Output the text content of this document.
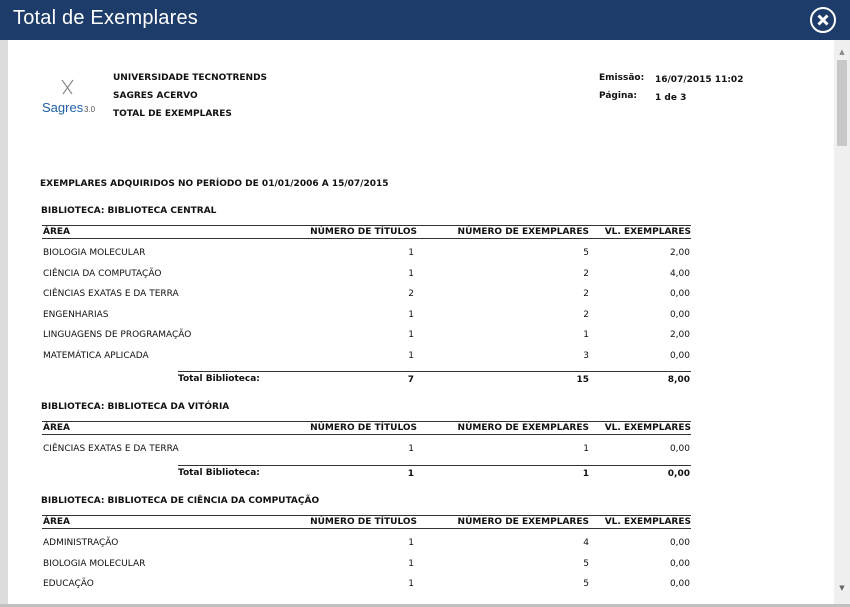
Total de Exemplares
Sagres 3.0
UNIVERSIDADE TECNOTRENDS
SAGRES ACERVO
TOTAL DE EXEMPLARES
Emissão: 16/07/2015 11:02
Página: 1 de 3
EXEMPLARES ADQUIRIDOS NO PERÍODO DE 01/01/2006 A 15/07/2015
BIBLIOTECA: BIBLIOTECA CENTRAL
ÁREA	NÚMERO DE TÍTULOS	NÚMERO DE EXEMPLARES	VL. EXEMPLARES
BIOLOGIA MOLECULAR	1	5	2,00
CIÊNCIA DA COMPUTAÇÃO	1	2	4,00
CIÊNCIAS EXATAS E DA TERRA	2	2	0,00
ENGENHARIAS	1	2	0,00
LINGUAGENS DE PROGRAMAÇÃO	1	1	2,00
MATEMÁTICA APLICADA	1	3	0,00
Total Biblioteca:	7	15	8,00
BIBLIOTECA: BIBLIOTECA DA VITÓRIA
ÁREA	NÚMERO DE TÍTULOS	NÚMERO DE EXEMPLARES	VL. EXEMPLARES
CIÊNCIAS EXATAS E DA TERRA	1	1	0,00
Total Biblioteca:	1	1	0,00
BIBLIOTECA: BIBLIOTECA DE CIÊNCIA DA COMPUTAÇÃO
ÁREA	NÚMERO DE TÍTULOS	NÚMERO DE EXEMPLARES	VL. EXEMPLARES
ADMINISTRAÇÃO	1	4	0,00
BIOLOGIA MOLECULAR	1	5	0,00
EDUCAÇÃO	1	5	0,00
▲
▼
